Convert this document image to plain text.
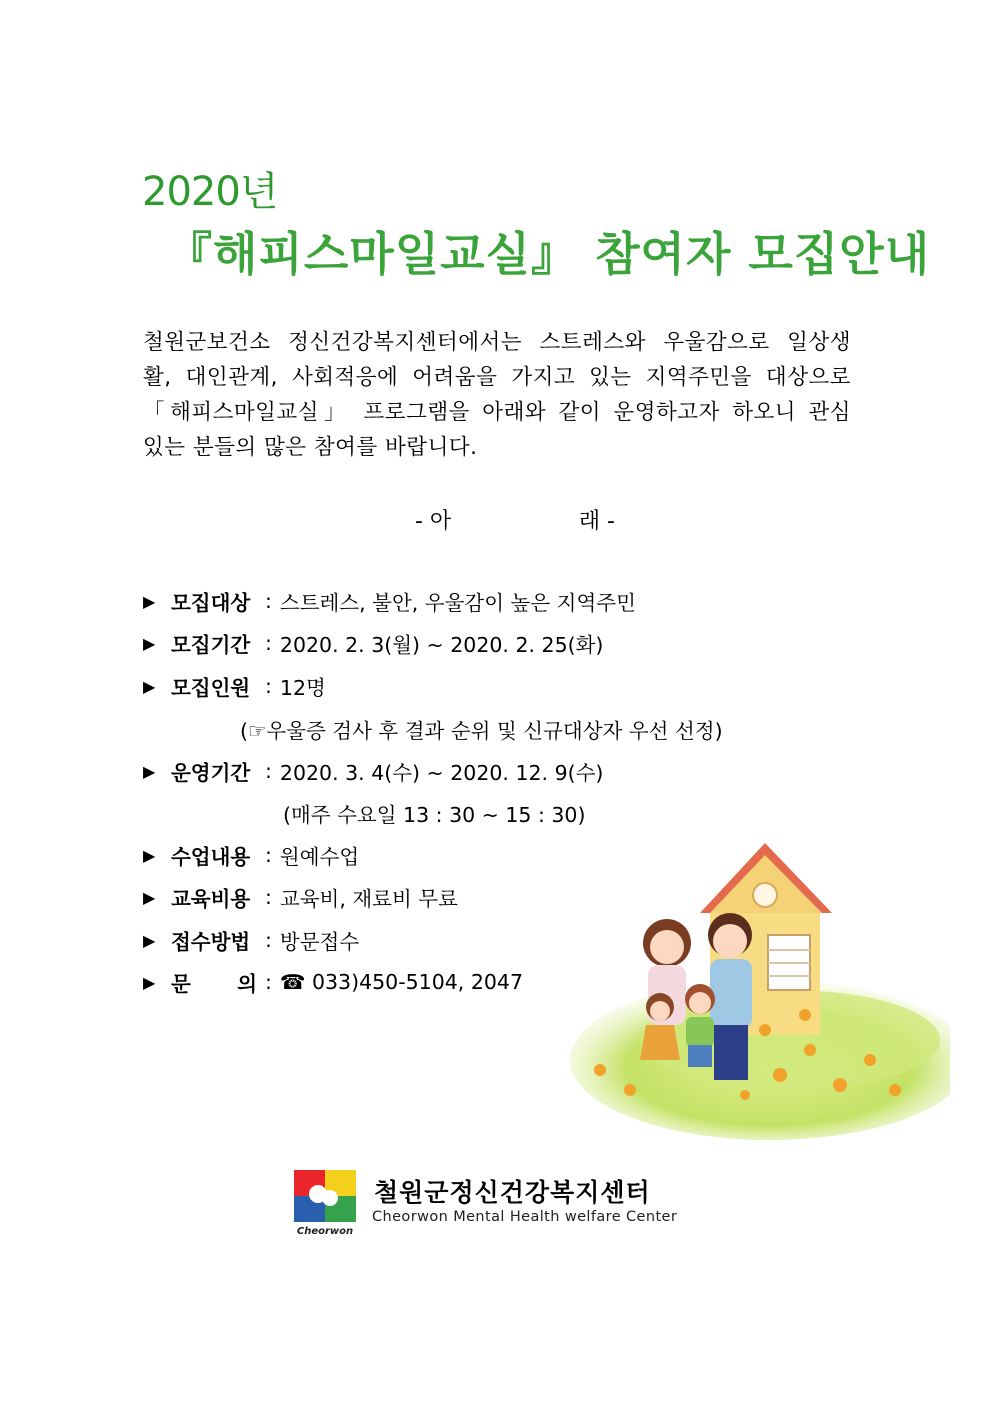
2020년
『해피스마일교실』 참여자 모집안내
철원군보건소 정신건강복지센터에서는 스트레스와 우울감으로 일상생
활, 대인관계, 사회적응에 어려움을 가지고 있는 지역주민을 대상으로
「해피스마일교실」 프로그램을 아래와 같이 운영하고자 하오니 관심
있는 분들의 많은 참여를 바랍니다.
- 아	래 -
▶ 모집대상 : 스트레스, 불안, 우울감이 높은 지역주민
▶ 모집기간 : 2020. 2. 3(월) ~ 2020. 2. 25(화)
▶ 모집인원 : 12명
(☞우울증 검사 후 결과 순위 및 신규대상자 우선 선정)
▶ 운영기간 : 2020. 3. 4(수) ~ 2020. 12. 9(수)
(매주 수요일 13 : 30 ~ 15 : 30)
▶ 수업내용 : 원예수업
▶ 교육비용 : 교육비, 재료비 무료
▶ 접수방법 : 방문접수
▶ 문 의 : ☎ 033)450-5104, 2047
Cheorwon
철원군정신건강복지센터
Cheorwon Mental Health welfare Center
